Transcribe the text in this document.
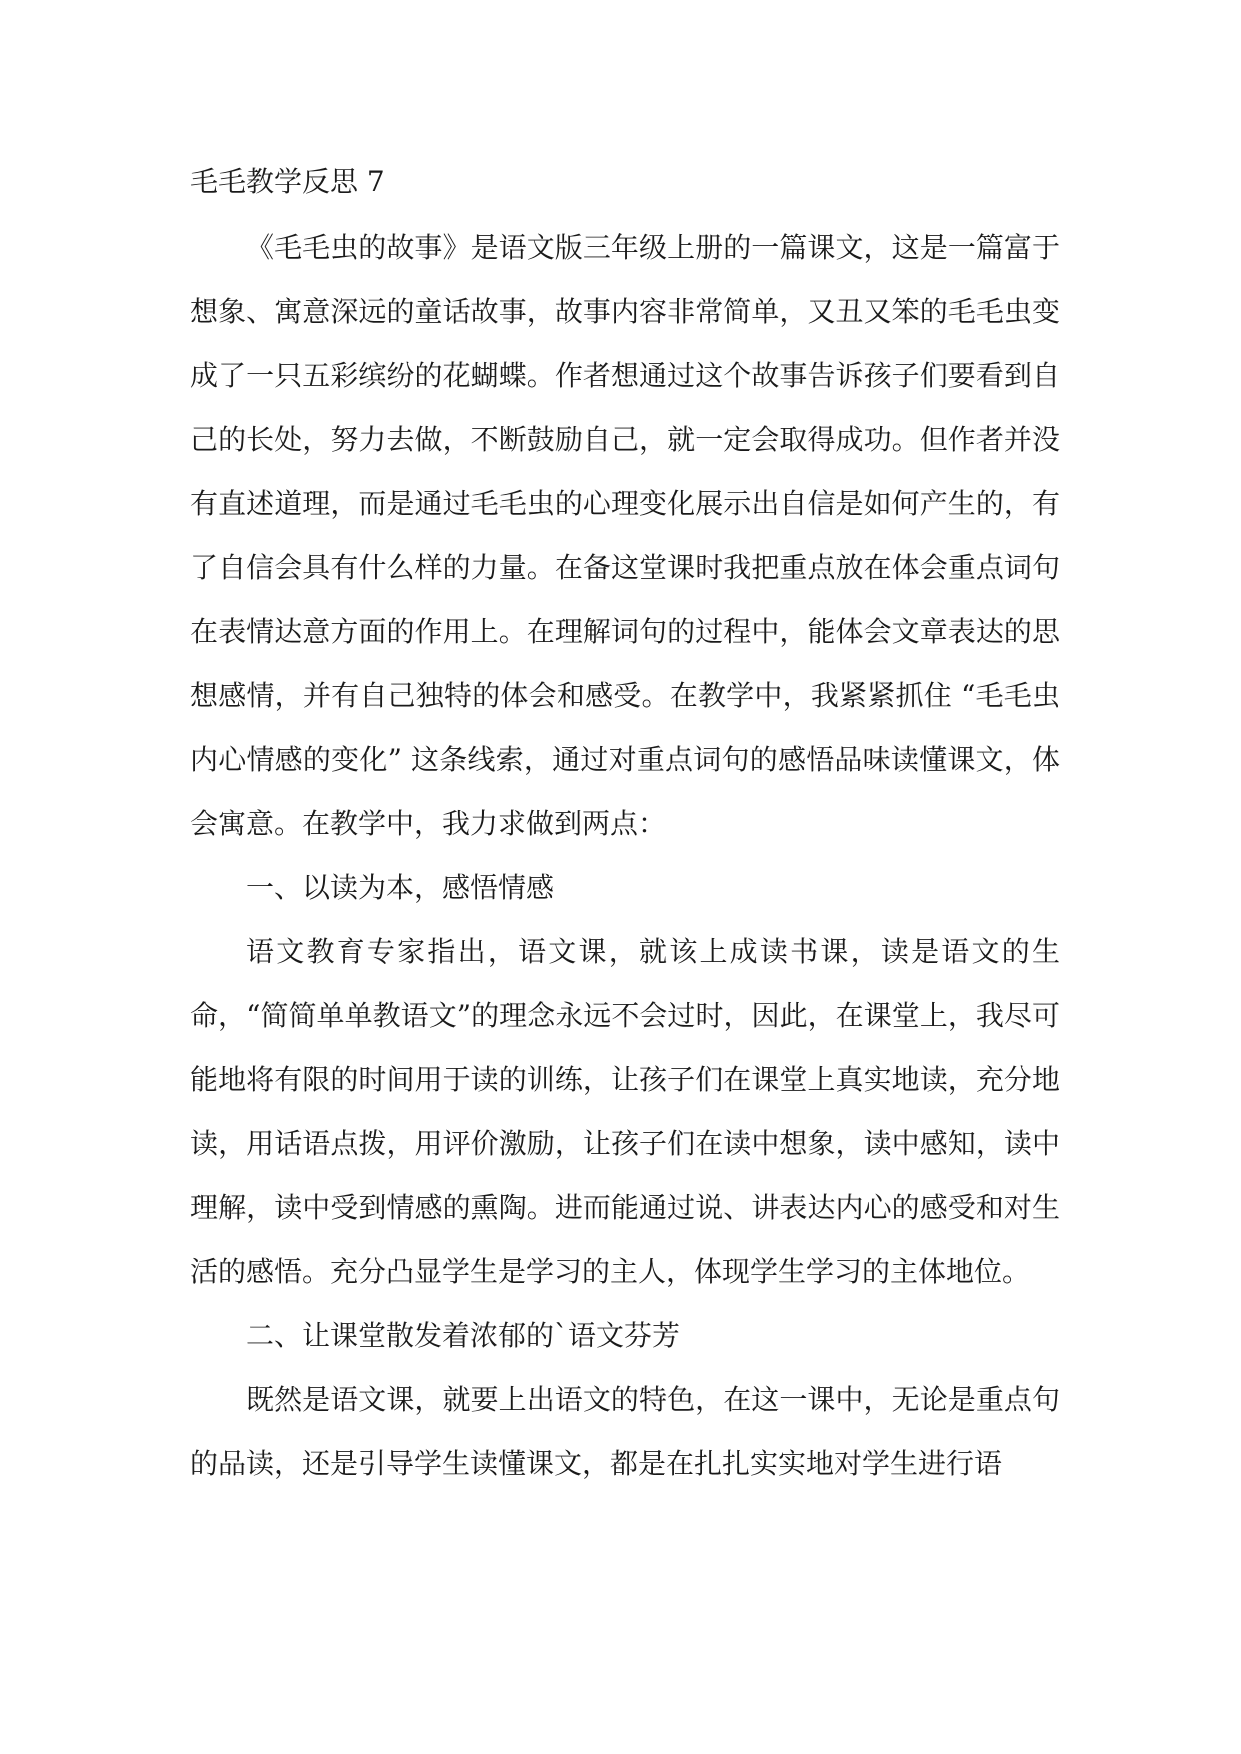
毛毛教学反思 7

《毛毛虫的故事》是语文版三年级上册的一篇课文，这是一篇富于想象、寓意深远的童话故事，故事内容非常简单，又丑又笨的毛毛虫变成了一只五彩缤纷的花蝴蝶。作者想通过这个故事告诉孩子们要看到自己的长处，努力去做，不断鼓励自己，就一定会取得成功。但作者并没有直述道理，而是通过毛毛虫的心理变化展示出自信是如何产生的，有了自信会具有什么样的力量。在备这堂课时我把重点放在体会重点词句在表情达意方面的作用上。在理解词句的过程中，能体会文章表达的思想感情，并有自己独特的体会和感受。在教学中，我紧紧抓住 “毛毛虫内心情感的变化” 这条线索，通过对重点词句的感悟品味读懂课文，体会寓意。在教学中，我力求做到两点：

一、以读为本，感悟情感

语文教育专家指出，语文课，就该上成读书课，读是语文的生命，“简简单单教语文”的理念永远不会过时，因此，在课堂上，我尽可能地将有限的时间用于读的训练，让孩子们在课堂上真实地读，充分地读，用话语点拨，用评价激励，让孩子们在读中想象，读中感知，读中理解，读中受到情感的熏陶。进而能通过说、讲表达内心的感受和对生活的感悟。充分凸显学生是学习的主人，体现学生学习的主体地位。

二、让课堂散发着浓郁的`语文芬芳

既然是语文课，就要上出语文的特色，在这一课中，无论是重点句的品读，还是引导学生读懂课文，都是在扎扎实实地对学生进行语
